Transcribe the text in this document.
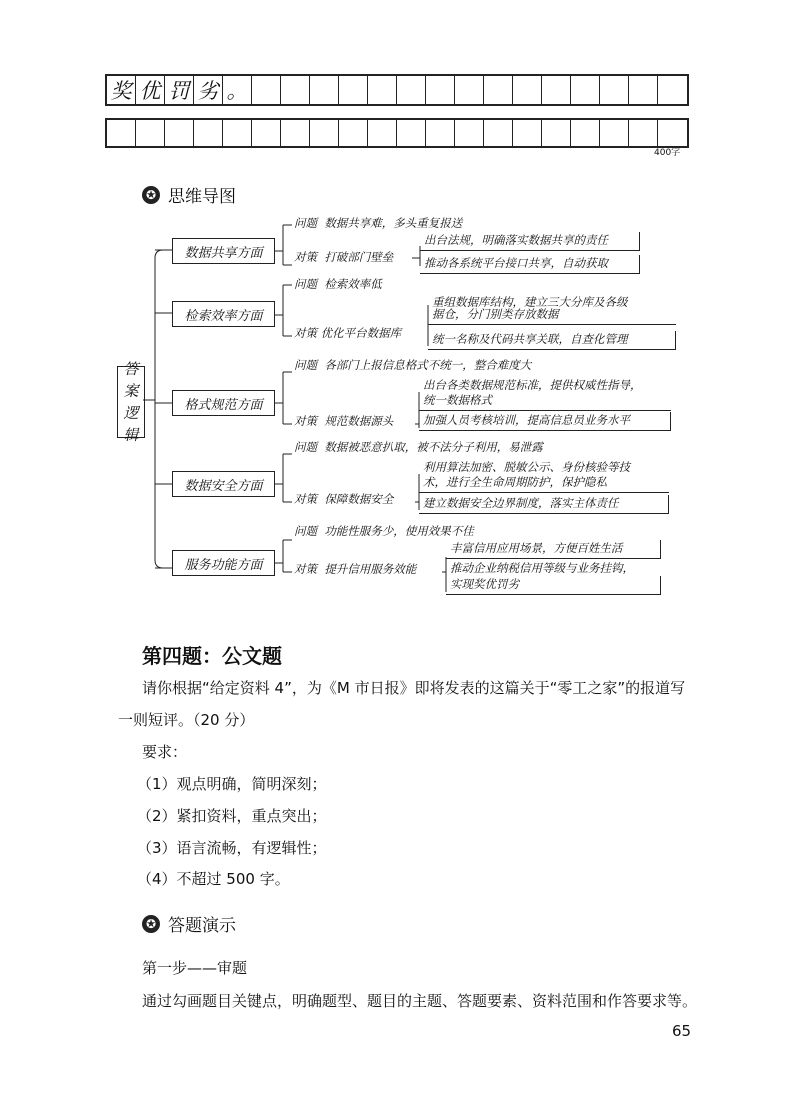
奖 优 罚 劣 。
400字
✪ 思维导图
答
案
逻
辑
数据共享方面
问题 数据共享难，多头重复报送
对策 打破部门壁垒
出台法规，明确落实数据共享的责任
推动各系统平台接口共享，自动获取
检索效率方面
问题 检索效率低
对策 优化平台数据库
重组数据库结构，建立三大分库及各级
据仓，分门别类存放数据
统一名称及代码共享关联，自查化管理
格式规范方面
问题 各部门上报信息格式不统一，整合难度大
对策 规范数据源头
出台各类数据规范标准，提供权威性指导，
统一数据格式
加强人员考核培训，提高信息员业务水平
数据安全方面
问题 数据被恶意扒取，被不法分子利用，易泄露
对策 保障数据安全
利用算法加密、脱敏公示、身份核验等技
术，进行全生命周期防护，保护隐私
建立数据安全边界制度，落实主体责任
服务功能方面
问题 功能性服务少，使用效果不佳
对策 提升信用服务效能
丰富信用应用场景，方便百姓生活
推动企业纳税信用等级与业务挂钩，
实现奖优罚劣
第四题：公文题
请你根据“给定资料 4”，为《M 市日报》即将发表的这篇关于“零工之家”的报道写
一则短评。（20 分）
要求：
（1）观点明确，简明深刻；
（2）紧扣资料，重点突出；
（3）语言流畅，有逻辑性；
（4）不超过 500 字。
✪ 答题演示
第一步——审题
通过勾画题目关键点，明确题型、题目的主题、答题要素、资料范围和作答要求等。
65
